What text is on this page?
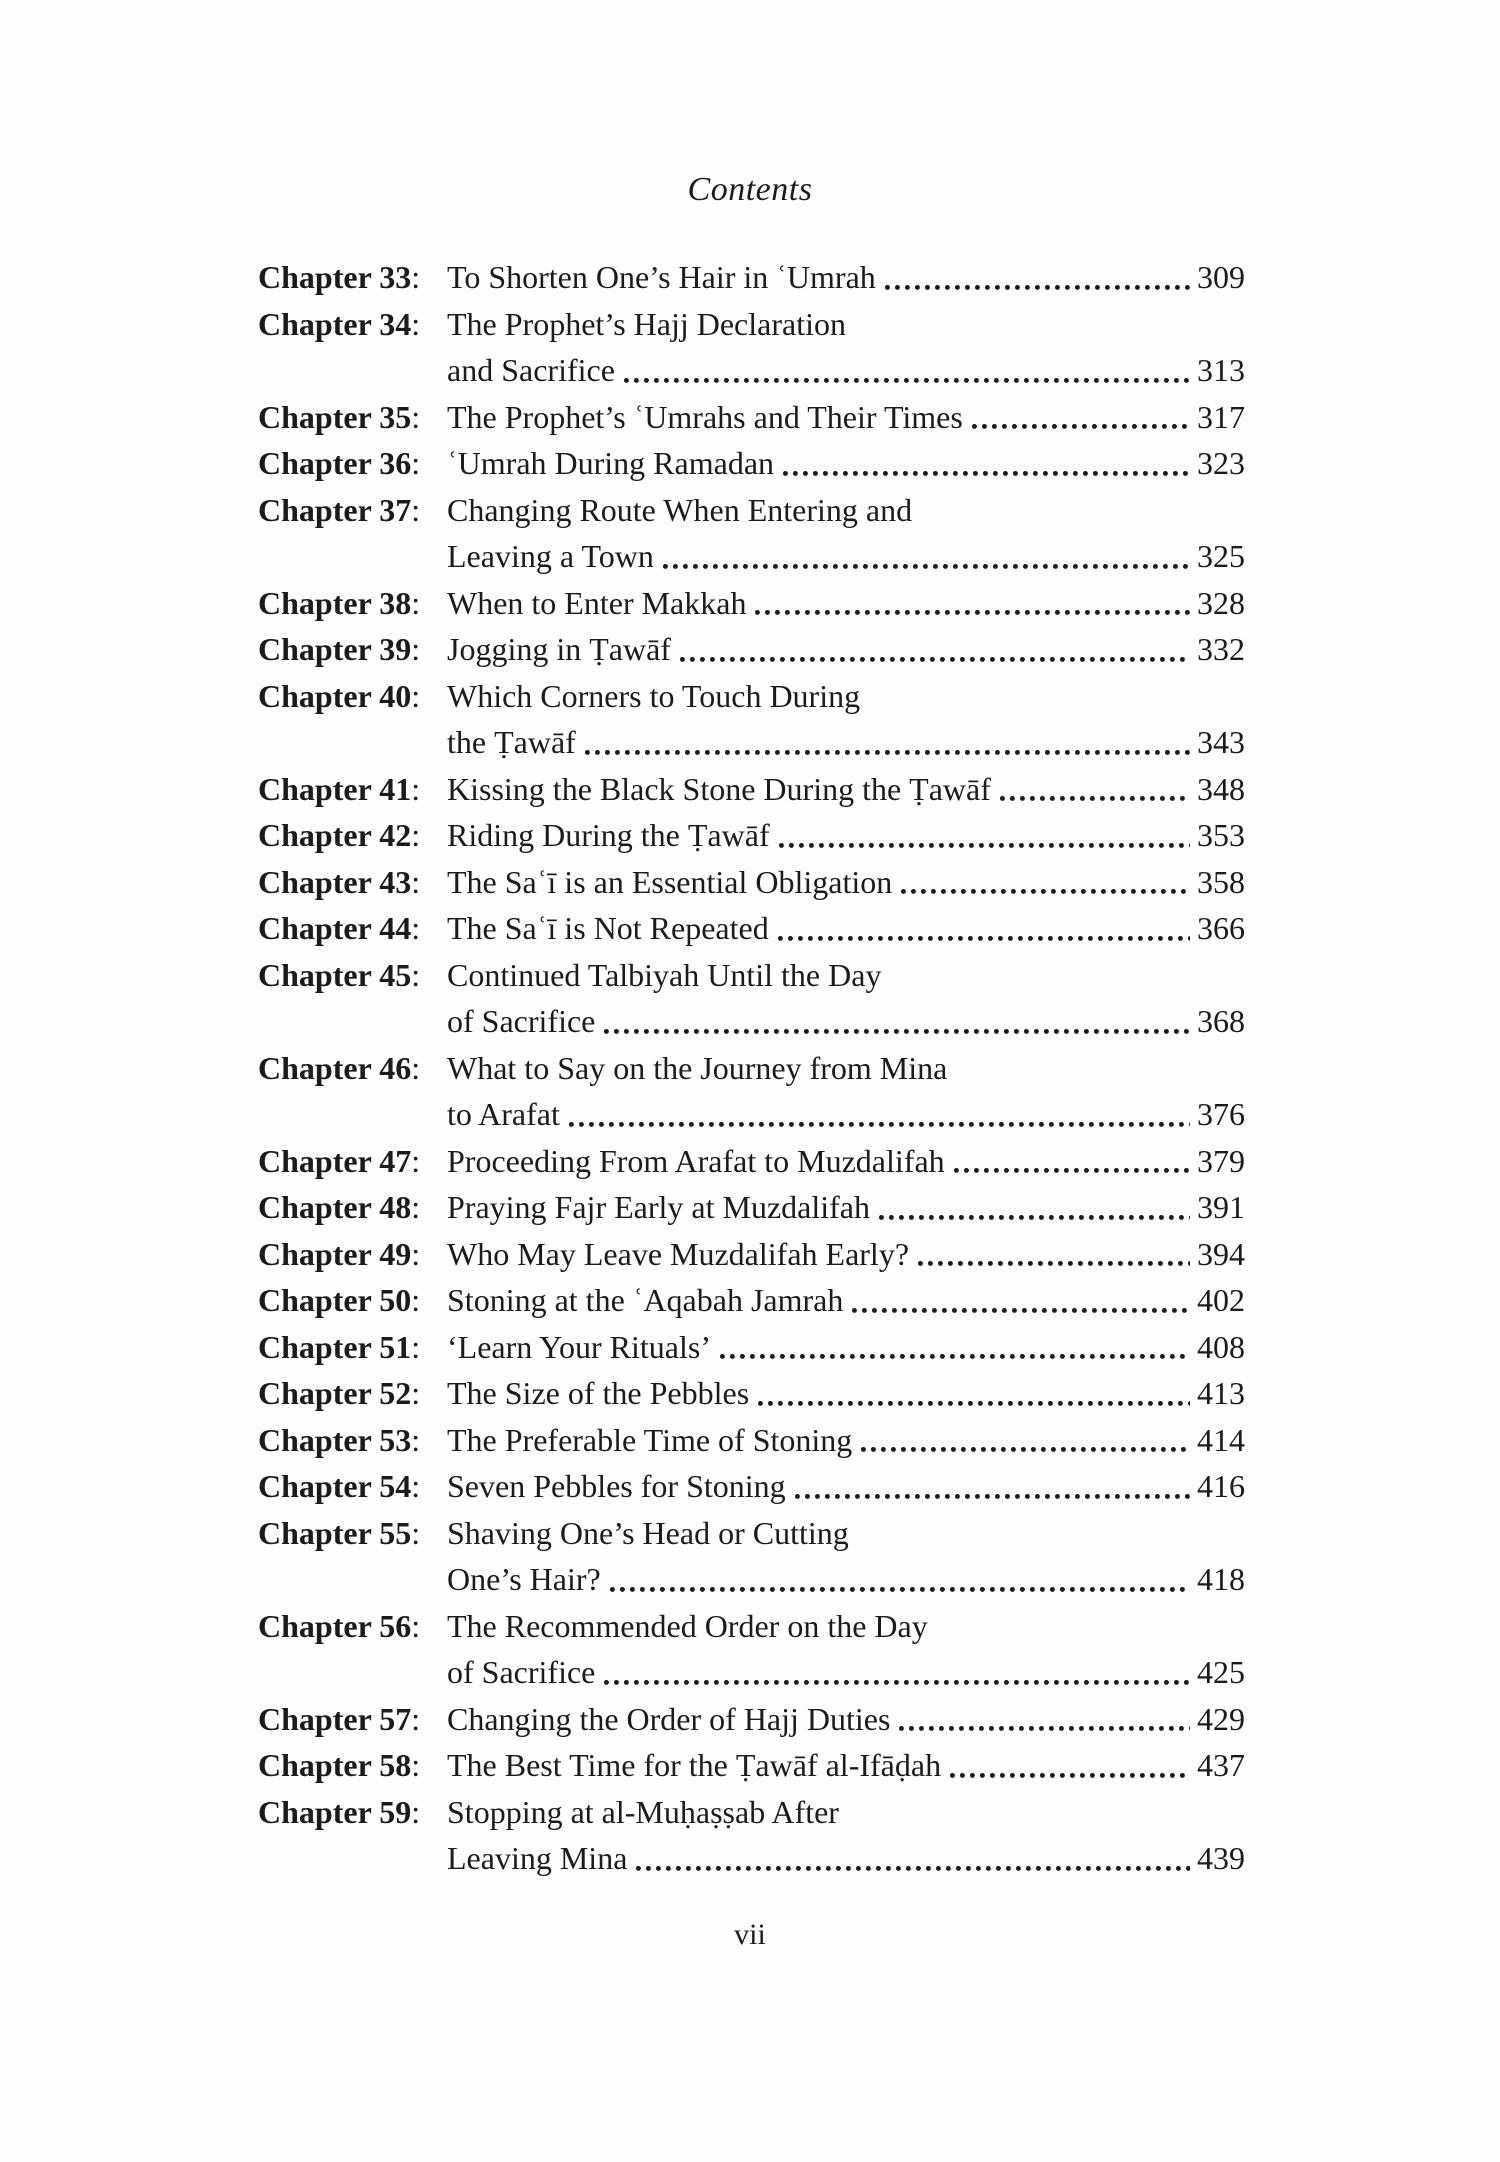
Contents
Chapter 33: To Shorten One’s Hair in ʿUmrah	309
Chapter 34: The Prophet’s Hajj Declaration
and Sacrifice	313
Chapter 35: The Prophet’s ʿUmrahs and Their Times	317
Chapter 36: ʿUmrah During Ramadan	323
Chapter 37: Changing Route When Entering and
Leaving a Town	325
Chapter 38: When to Enter Makkah	328
Chapter 39: Jogging in Ṭawāf	332
Chapter 40: Which Corners to Touch During
the Ṭawāf	343
Chapter 41: Kissing the Black Stone During the Ṭawāf	348
Chapter 42: Riding During the Ṭawāf	353
Chapter 43: The Saʿī is an Essential Obligation	358
Chapter 44: The Saʿī is Not Repeated	366
Chapter 45: Continued Talbiyah Until the Day
of Sacrifice	368
Chapter 46: What to Say on the Journey from Mina
to Arafat	376
Chapter 47: Proceeding From Arafat to Muzdalifah	379
Chapter 48: Praying Fajr Early at Muzdalifah	391
Chapter 49: Who May Leave Muzdalifah Early?	394
Chapter 50: Stoning at the ʿAqabah Jamrah	402
Chapter 51: ‘Learn Your Rituals’	408
Chapter 52: The Size of the Pebbles	413
Chapter 53: The Preferable Time of Stoning	414
Chapter 54: Seven Pebbles for Stoning	416
Chapter 55: Shaving One’s Head or Cutting
One’s Hair?	418
Chapter 56: The Recommended Order on the Day
of Sacrifice	425
Chapter 57: Changing the Order of Hajj Duties	429
Chapter 58: The Best Time for the Ṭawāf al-Ifāḍah	437
Chapter 59: Stopping at al-Muḥaṣṣab After
Leaving Mina	439
vii
